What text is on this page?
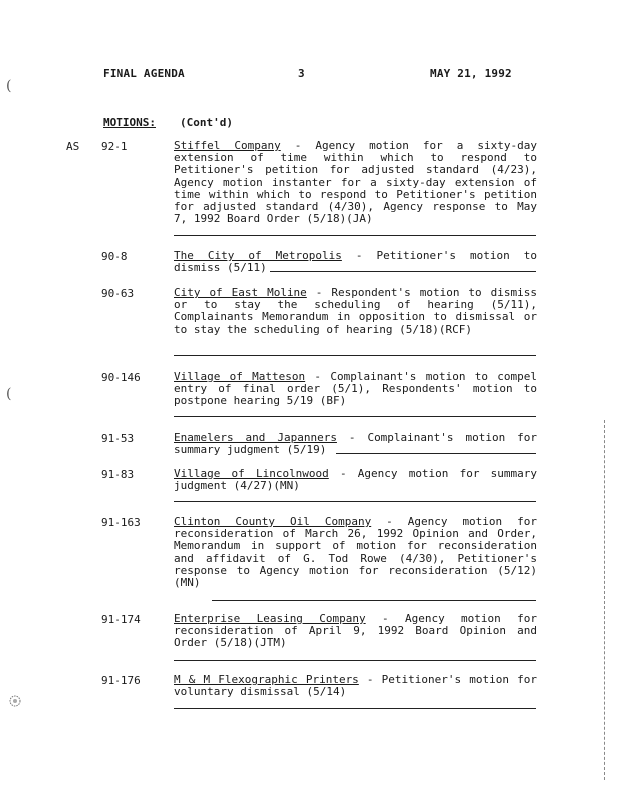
FINAL AGENDA	3	MAY 21, 1992
MOTIONS: (Cont'd)
AS 92-1	Stiffel Company - Agency motion for a sixty-day extension of time within which to respond to Petitioner's petition for adjusted standard (4/23), Agency motion instanter for a sixty-day extension of time within which to respond to Petitioner's petition for adjusted standard (4/30), Agency response to May 7, 1992 Board Order (5/18)(JA)
90-8	The City of Metropolis - Petitioner's motion to dismiss (5/11)
90-63	City of East Moline - Respondent's motion to dismiss or to stay the scheduling of hearing (5/11), Complainants Memorandum in opposition to dismissal or to stay the scheduling of hearing (5/18)(RCF)
90-146	Village of Matteson - Complainant's motion to compel entry of final order (5/1), Respondents' motion to postpone hearing 5/19 (BF)
91-53	Enamelers and Japanners - Complainant's motion for summary judgment (5/19)
91-83	Village of Lincolnwood - Agency motion for summary judgment (4/27)(MN)
91-163	Clinton County Oil Company - Agency motion for reconsideration of March 26, 1992 Opinion and Order, Memorandum in support of motion for reconsideration and affidavit of G. Tod Rowe (4/30), Petitioner's response to Agency motion for reconsideration (5/12) (MN)
91-174	Enterprise Leasing Company - Agency motion for reconsideration of April 9, 1992 Board Opinion and Order (5/18)(JTM)
91-176	M & M Flexographic Printers - Petitioner's motion for voluntary dismissal (5/14)
(
(
